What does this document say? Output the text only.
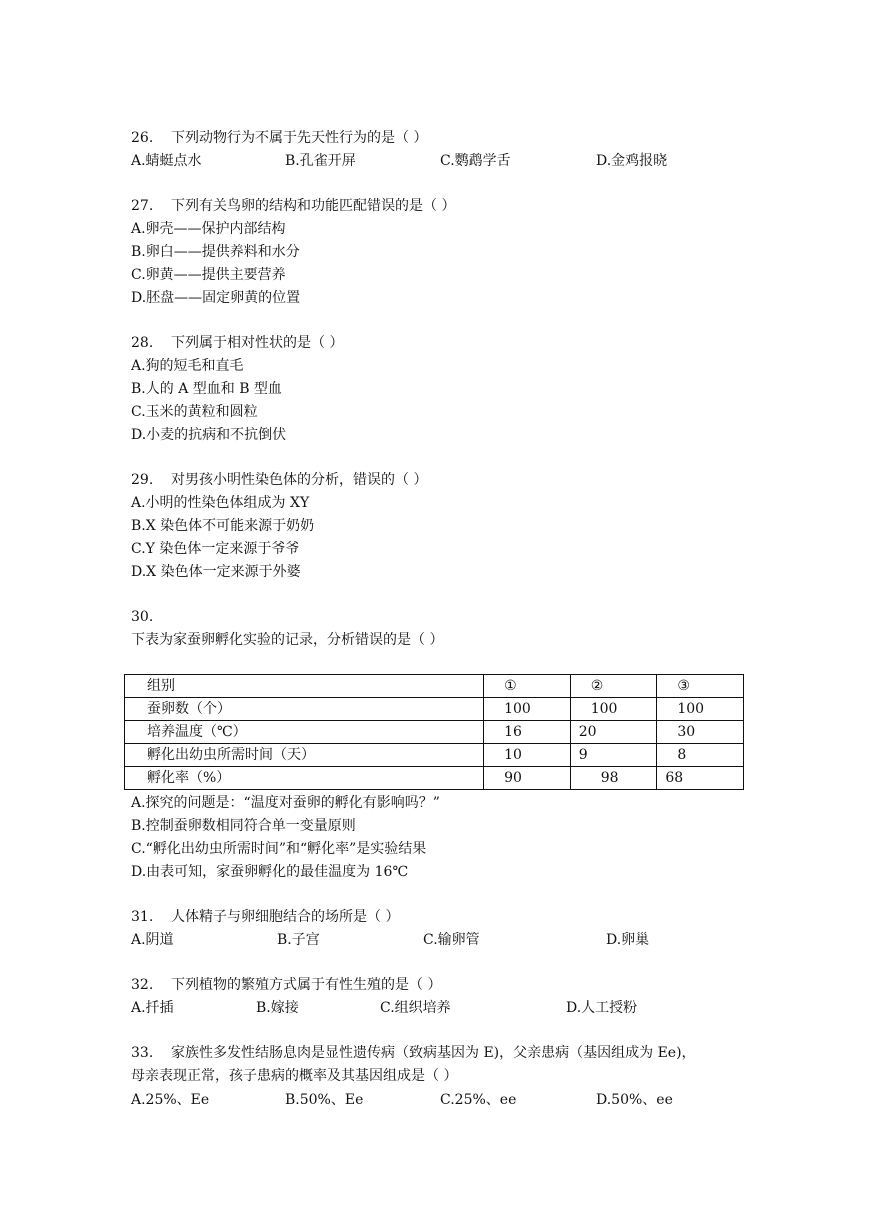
26. 下列动物行为不属于先天性行为的是（ ）
A.蜻蜓点水	B.孔雀开屏	C.鹦鹉学舌	D.金鸡报晓
27. 下列有关鸟卵的结构和功能匹配错误的是（ ）
A.卵壳——保护内部结构
B.卵白——提供养料和水分
C.卵黄——提供主要营养
D.胚盘——固定卵黄的位置
28. 下列属于相对性状的是（ ）
A.狗的短毛和直毛
B.人的 A 型血和 B 型血
C.玉米的黄粒和圆粒
D.小麦的抗病和不抗倒伏
29. 对男孩小明性染色体的分析，错误的（ ）
A.小明的性染色体组成为 XY
B.X 染色体不可能来源于奶奶
C.Y 染色体一定来源于爷爷
D.X 染色体一定来源于外婆
30.
下表为家蚕卵孵化实验的记录，分析错误的是（ ）
组别	①	②	③
蚕卵数（个）	100	100	100
培养温度（℃）	16	20	30
孵化出幼虫所需时间（天）	10	9	8
孵化率（%）	90	98	68
A.探究的问题是：“温度对蚕卵的孵化有影响吗？”
B.控制蚕卵数相同符合单一变量原则
C.“孵化出幼虫所需时间”和“孵化率”是实验结果
D.由表可知，家蚕卵孵化的最佳温度为 16℃
31. 人体精子与卵细胞结合的场所是（ ）
A.阴道	B.子宫	C.输卵管	D.卵巢
32. 下列植物的繁殖方式属于有性生殖的是（ ）
A.扦插	B.嫁接	C.组织培养	D.人工授粉
33. 家族性多发性结肠息肉是显性遗传病（致病基因为 E)，父亲患病（基因组成为 Ee)，
母亲表现正常，孩子患病的概率及其基因组成是（ ）
A.25%、Ee	B.50%、Ee	C.25%、ee	D.50%、ee
